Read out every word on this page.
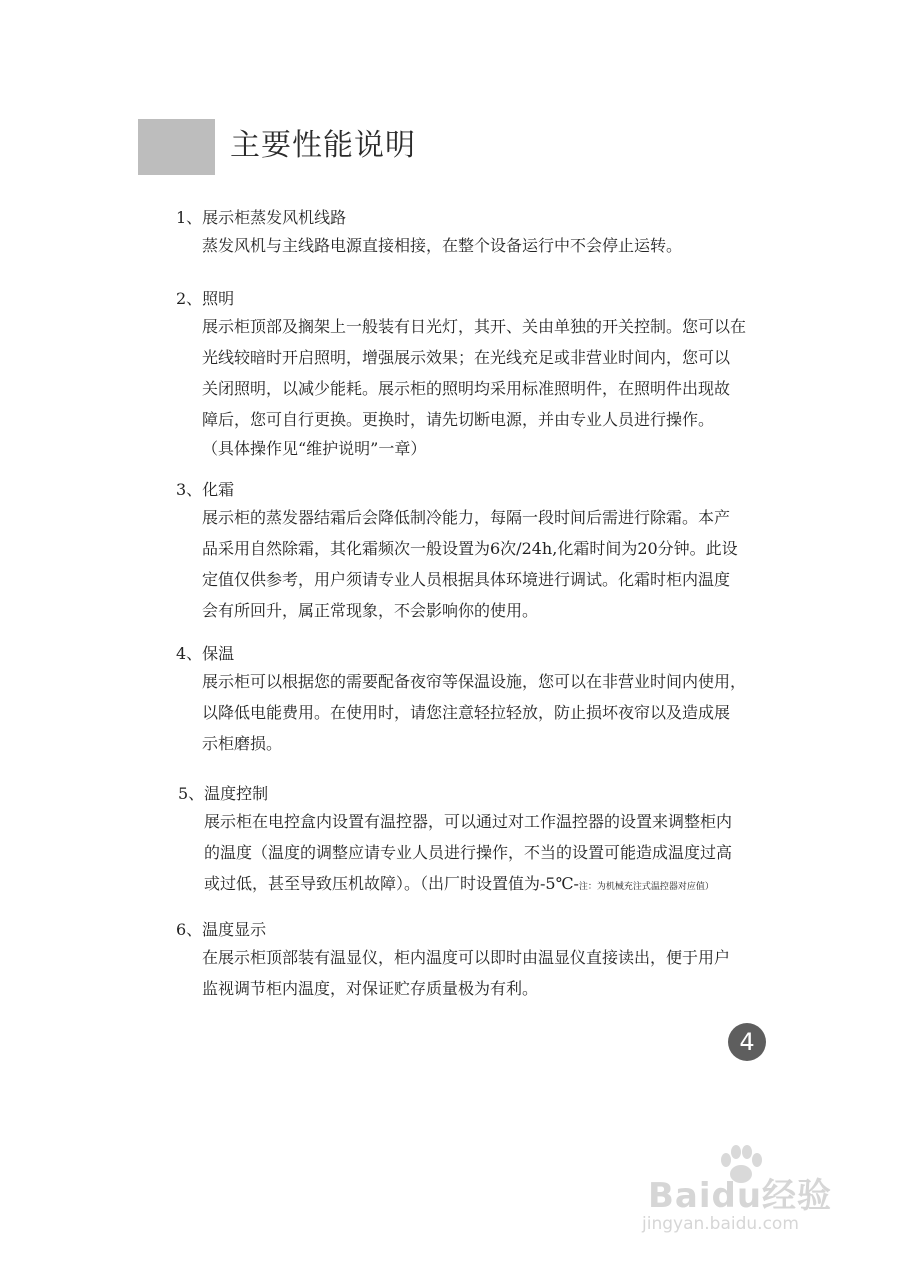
主要性能说明
1、展示柜蒸发风机线路
蒸发风机与主线路电源直接相接，在整个设备运行中不会停止运转。
2、照明
展示柜顶部及搁架上一般装有日光灯，其开、关由单独的开关控制。您可以在
光线较暗时开启照明，增强展示效果；在光线充足或非营业时间内，您可以
关闭照明，以减少能耗。展示柜的照明均采用标准照明件，在照明件出现故
障后，您可自行更换。更换时，请先切断电源，并由专业人员进行操作。
（具体操作见“维护说明”一章）
3、化霜
展示柜的蒸发器结霜后会降低制冷能力，每隔一段时间后需进行除霜。本产
品采用自然除霜，其化霜频次一般设置为6次/24h,化霜时间为20分钟。此设
定值仅供参考，用户须请专业人员根据具体环境进行调试。化霜时柜内温度
会有所回升，属正常现象，不会影响你的使用。
4、保温
展示柜可以根据您的需要配备夜帘等保温设施，您可以在非营业时间内使用，
以降低电能费用。在使用时，请您注意轻拉轻放，防止损坏夜帘以及造成展
示柜磨损。
5、温度控制
展示柜在电控盒内设置有温控器，可以通过对工作温控器的设置来调整柜内
的温度（温度的调整应请专业人员进行操作，不当的设置可能造成温度过高
或过低，甚至导致压机故障）。（出厂时设置值为-5℃-注：为机械充注式温控器对应值）
6、温度显示
在展示柜顶部装有温显仪，柜内温度可以即时由温显仪直接读出，便于用户
监视调节柜内温度，对保证贮存质量极为有利。
4
Baidu经验
jingyan.baidu.com
